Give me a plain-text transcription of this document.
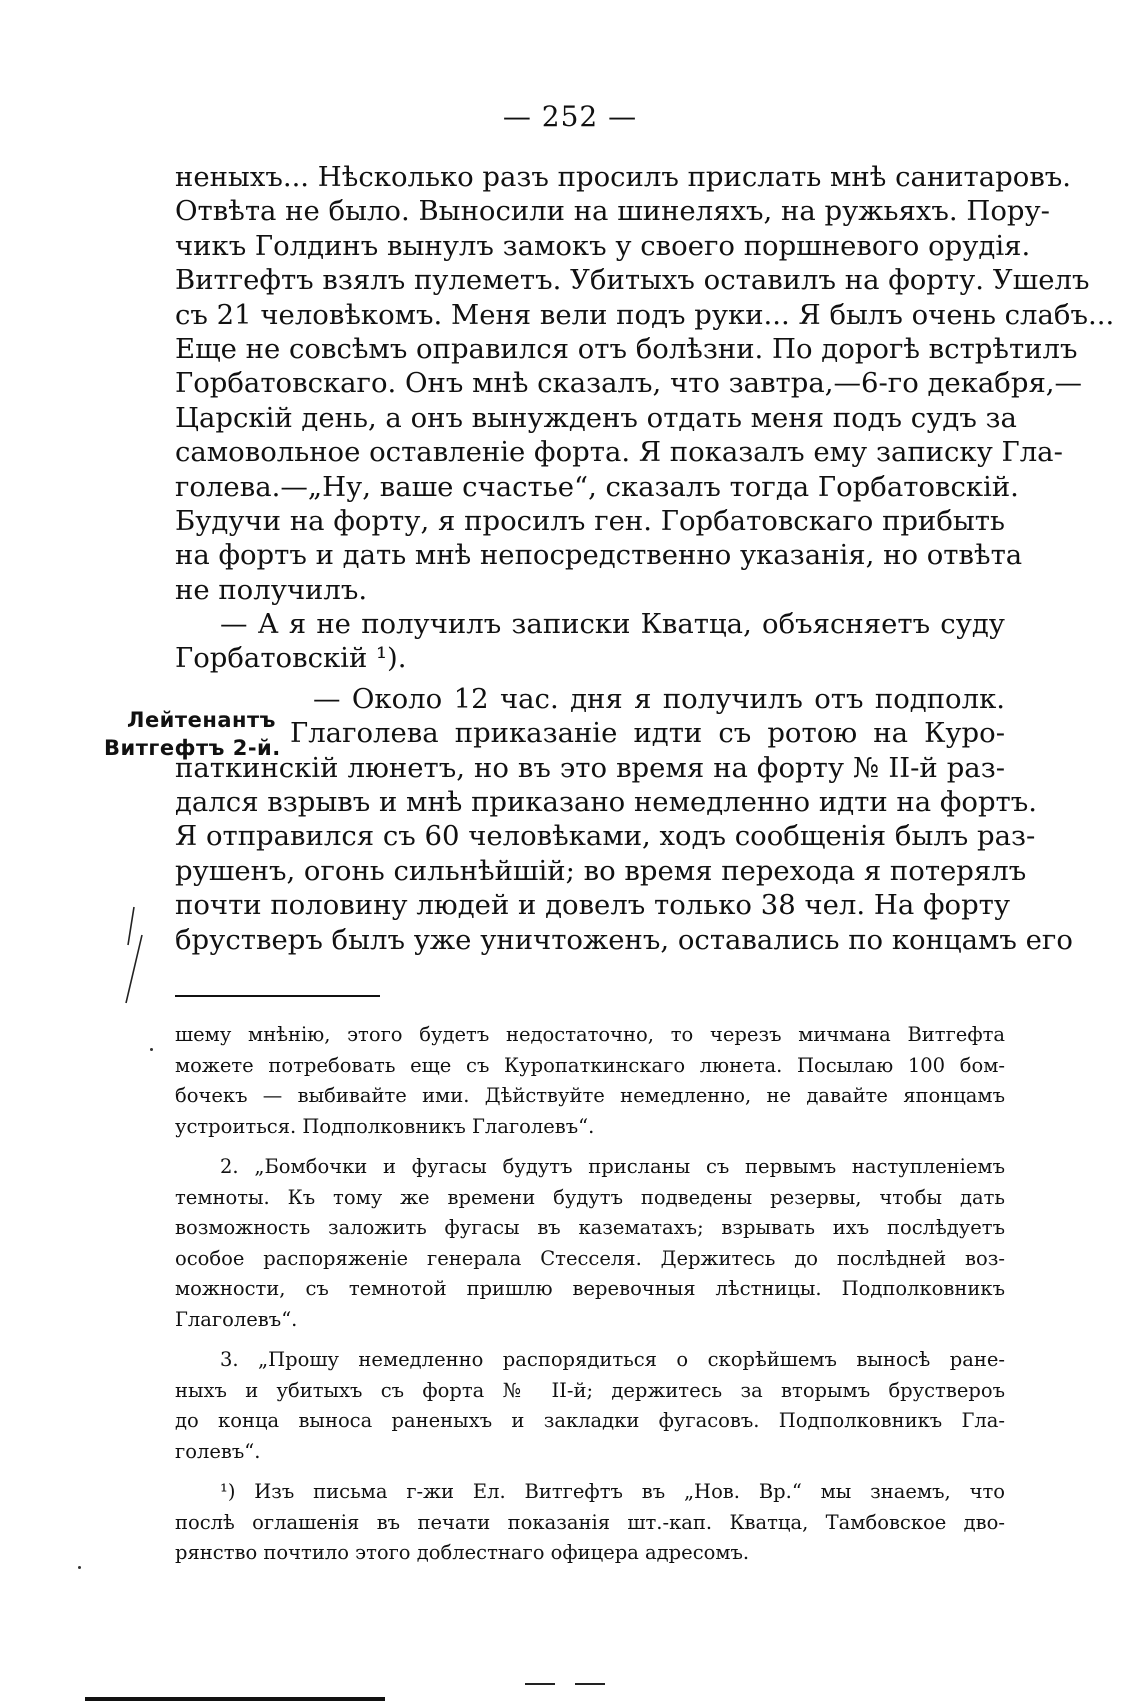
— 252 —
неныхъ... Нѣсколько разъ просилъ прислать мнѣ санитаровъ.
Отвѣта не было. Выносили на шинеляхъ, на ружьяхъ. Пору-
чикъ Голдинъ вынулъ замокъ у своего поршневого орудія.
Витгефтъ взялъ пулеметъ. Убитыхъ оставилъ на форту. Ушелъ
съ 21 человѣкомъ. Меня вели подъ руки... Я былъ очень слабъ...
Еще не совсѣмъ оправился отъ болѣзни. По дорогѣ встрѣтилъ
Горбатовскаго. Онъ мнѣ сказалъ, что завтра,—6-го декабря,—
Царскій день, а онъ вынужденъ отдать меня подъ судъ за
самовольное оставленіе форта. Я показалъ ему записку Гла-
голева.—„Ну, ваше счастье“, сказалъ тогда Горбатовскій.
Будучи на форту, я просилъ ген. Горбатовскаго прибыть
на фортъ и дать мнѣ непосредственно указанія, но отвѣта
не получилъ.
— А я не получилъ записки Кватца, объясняетъ суду
Горбатовскій ¹).
— Около 12 час. дня я получилъ отъ подполк.
Глаголева приказаніе идти съ ротою на Куро-
паткинскій люнетъ, но въ это время на форту № II-й раз-
дался взрывъ и мнѣ приказано немедленно идти на фортъ.
Я отправился съ 60 человѣками, ходъ сообщенія былъ раз-
рушенъ, огонь сильнѣйшій; во время перехода я потерялъ
почти половину людей и довелъ только 38 чел. На форту
брустверъ былъ уже уничтоженъ, оставались по концамъ его
Лейтенантъ
Витгефтъ 2-й.
шему мнѣнію, этого будетъ недостаточно, то черезъ мичмана Витгефта
можете потребовать еще съ Куропаткинскаго люнета. Посылаю 100 бом-
бочекъ — выбивайте ими. Дѣйствуйте немедленно, не давайте японцамъ
устроиться. Подполковникъ Глаголевъ“.
2. „Бомбочки и фугасы будутъ присланы съ первымъ наступленіемъ
темноты. Къ тому же времени будутъ подведены резервы, чтобы дать
возможность заложить фугасы въ казематахъ; взрывать ихъ послѣдуетъ
особое распоряженіе генерала Стесселя. Держитесь до послѣдней воз-
можности, съ темнотой пришлю веревочныя лѣстницы. Подполковникъ
Глаголевъ“.
3. „Прошу немедленно распорядиться о скорѣйшемъ выносѣ ране-
ныхъ и убитыхъ съ форта № II-й; держитесь за вторымъ бруствероъ
до конца выноса раненыхъ и закладки фугасовъ. Подполковникъ Гла-
голевъ“.
¹) Изъ письма г-жи Ел. Витгефтъ въ „Нов. Вр.“ мы знаемъ, что
послѣ оглашенія въ печати показанія шт.-кап. Кватца, Тамбовское дво-
рянство почтило этого доблестнаго офицера адресомъ.
